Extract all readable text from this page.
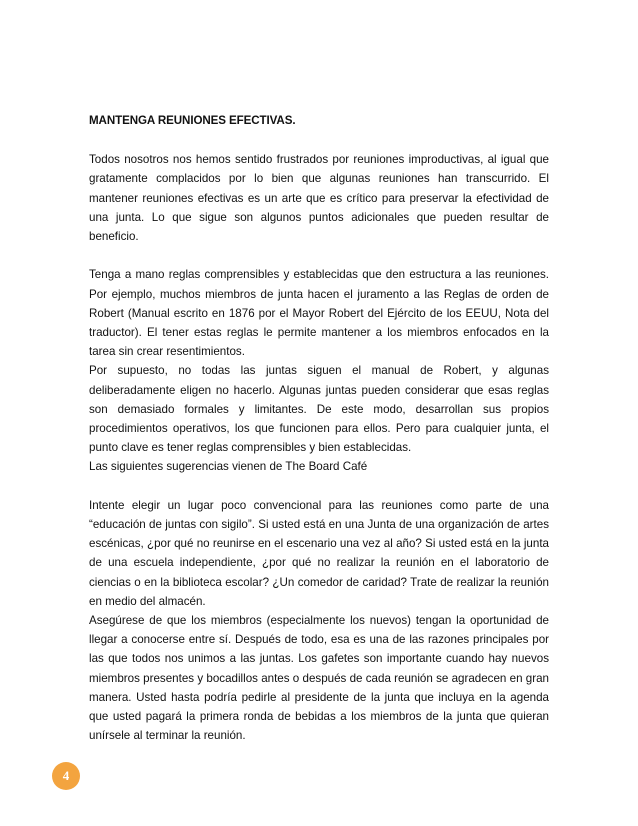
MANTENGA REUNIONES EFECTIVAS.

Todos nosotros nos hemos sentido frustrados por reuniones improductivas, al igual que gratamente complacidos por lo bien que algunas reuniones han transcurrido. El mantener reuniones efectivas es un arte que es crítico para preservar la efectividad de una junta. Lo que sigue son algunos puntos adicionales que pueden resultar de beneficio.

Tenga a mano reglas comprensibles y establecidas que den estructura a las reuniones. Por ejemplo, muchos miembros de junta hacen el juramento a las Reglas de orden de Robert (Manual escrito en 1876 por el Mayor Robert del Ejército de los EEUU, Nota del traductor). El tener estas reglas le permite mantener a los miembros enfocados en la tarea sin crear resentimientos.

Por supuesto, no todas las juntas siguen el manual de Robert, y algunas deliberadamente eligen no hacerlo. Algunas juntas pueden considerar que esas reglas son demasiado formales y limitantes. De este modo, desarrollan sus propios procedimientos operativos, los que funcionen para ellos. Pero para cualquier junta, el punto clave es tener reglas comprensibles y bien establecidas.

Las siguientes sugerencias vienen de The Board Café

Intente elegir un lugar poco convencional para las reuniones como parte de una “educación de juntas con sigilo”. Si usted está en una Junta de una organización de artes escénicas, ¿por qué no reunirse en el escenario una vez al año? Si usted está en la junta de una escuela independiente, ¿por qué no realizar la reunión en el laboratorio de ciencias o en la biblioteca escolar? ¿Un comedor de caridad? Trate de realizar la reunión en medio del almacén.

Asegúrese de que los miembros (especialmente los nuevos) tengan la oportunidad de llegar a conocerse entre sí. Después de todo, esa es una de las razones principales por las que todos nos unimos a las juntas. Los gafetes son importante cuando hay nuevos miembros presentes y bocadillos antes o después de cada reunión se agradecen en gran manera. Usted hasta podría pedirle al presidente de la junta que incluya en la agenda que usted pagará la primera ronda de bebidas a los miembros de la junta que quieran unírsele al terminar la reunión.

4
